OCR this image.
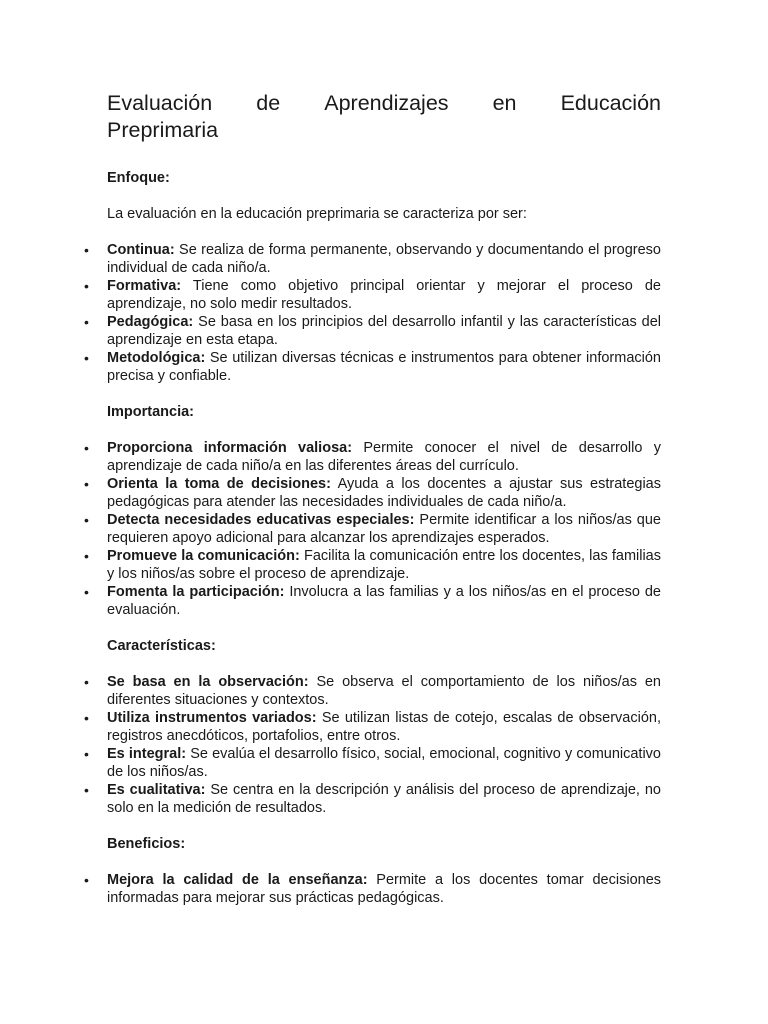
Evaluación de Aprendizajes en Educación
Preprimaria

Enfoque:

La evaluación en la educación preprimaria se caracteriza por ser:

• Continua: Se realiza de forma permanente, observando y documentando el progreso individual de cada niño/a.
• Formativa: Tiene como objetivo principal orientar y mejorar el proceso de aprendizaje, no solo medir resultados.
• Pedagógica: Se basa en los principios del desarrollo infantil y las características del aprendizaje en esta etapa.
• Metodológica: Se utilizan diversas técnicas e instrumentos para obtener información precisa y confiable.

Importancia:

• Proporciona información valiosa: Permite conocer el nivel de desarrollo y aprendizaje de cada niño/a en las diferentes áreas del currículo.
• Orienta la toma de decisiones: Ayuda a los docentes a ajustar sus estrategias pedagógicas para atender las necesidades individuales de cada niño/a.
• Detecta necesidades educativas especiales: Permite identificar a los niños/as que requieren apoyo adicional para alcanzar los aprendizajes esperados.
• Promueve la comunicación: Facilita la comunicación entre los docentes, las familias y los niños/as sobre el proceso de aprendizaje.
• Fomenta la participación: Involucra a las familias y a los niños/as en el proceso de evaluación.

Características:

• Se basa en la observación: Se observa el comportamiento de los niños/as en diferentes situaciones y contextos.
• Utiliza instrumentos variados: Se utilizan listas de cotejo, escalas de observación, registros anecdóticos, portafolios, entre otros.
• Es integral: Se evalúa el desarrollo físico, social, emocional, cognitivo y comunicativo de los niños/as.
• Es cualitativa: Se centra en la descripción y análisis del proceso de aprendizaje, no solo en la medición de resultados.

Beneficios:

• Mejora la calidad de la enseñanza: Permite a los docentes tomar decisiones informadas para mejorar sus prácticas pedagógicas.
